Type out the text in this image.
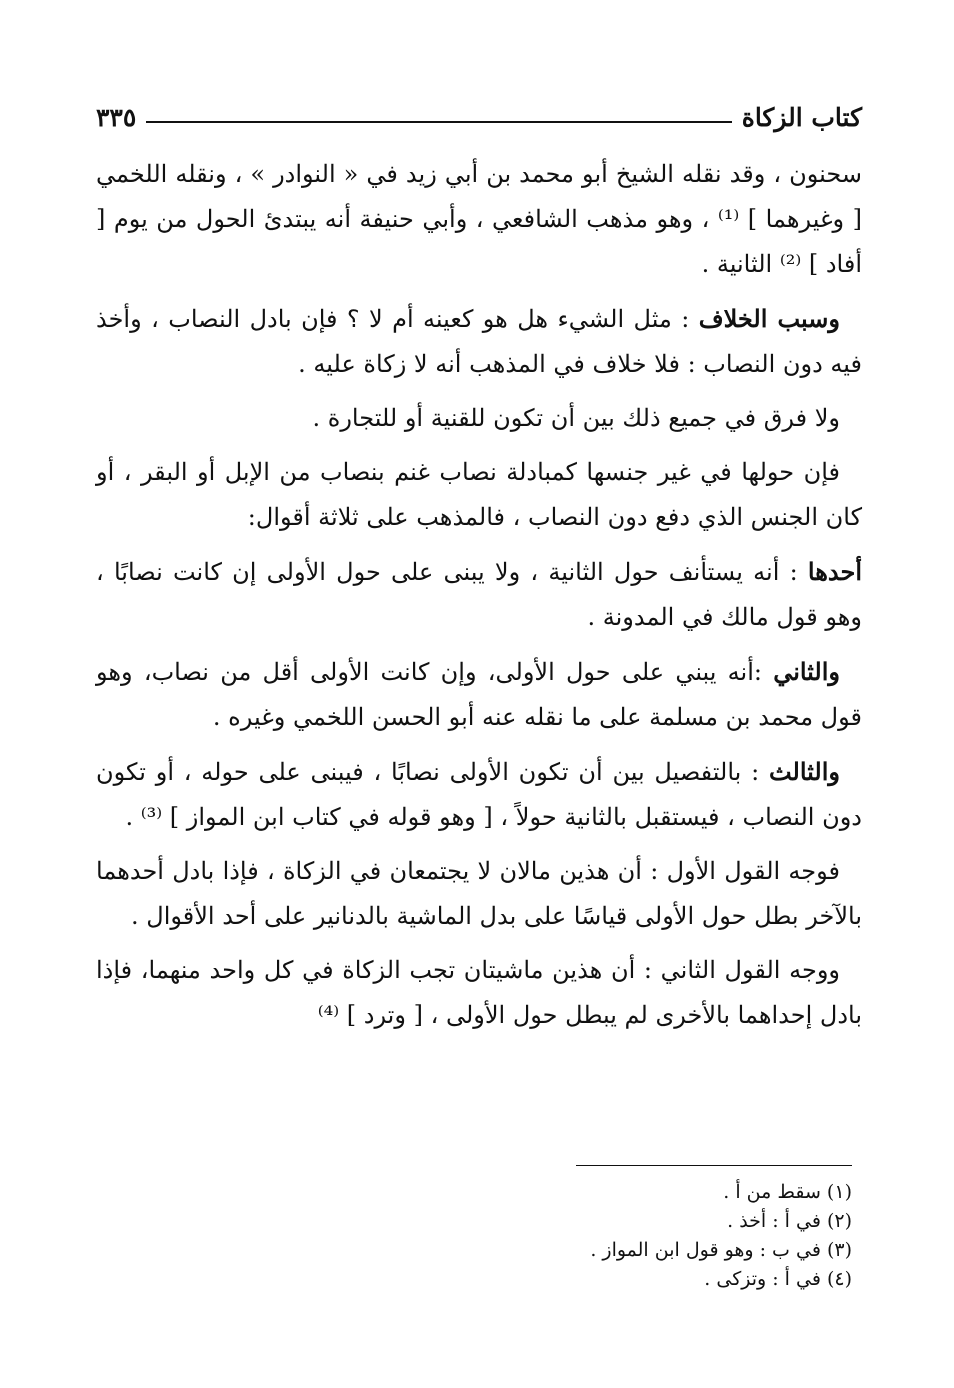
كتاب الزكاة
٣٣٥

سحنون ، وقد نقله الشيخ أبو محمد بن أبي زيد في « النوادر » ، ونقله اللخمي [ وغيرهما ] ⁽¹⁾ ، وهو مذهب الشافعي ، وأبي حنيفة أنه يبتدئ الحول من يوم [ أفاد ] ⁽²⁾ الثانية .

وسبب الخلاف : مثل الشيء هل هو كعينه أم لا ؟ فإن بادل النصاب ، وأخذ فيه دون النصاب : فلا خلاف في المذهب أنه لا زكاة عليه .

ولا فرق في جميع ذلك بين أن تكون للقنية أو للتجارة .

فإن حولها في غير جنسها كمبادلة نصاب غنم بنصاب من الإبل أو البقر ، أو كان الجنس الذي دفع دون النصاب ، فالمذهب على ثلاثة أقوال:

أحدها : أنه يستأنف حول الثانية ، ولا يبنى على حول الأولى إن كانت نصابًا ، وهو قول مالك في المدونة .

والثاني :أنه يبني على حول الأولى، وإن كانت الأولى أقل من نصاب، وهو قول محمد بن مسلمة على ما نقله عنه أبو الحسن اللخمي وغيره .

والثالث : بالتفصيل بين أن تكون الأولى نصابًا ، فيبنى على حوله ، أو تكون دون النصاب ، فيستقبل بالثانية حولاً ، [ وهو قوله في كتاب ابن المواز ] ⁽³⁾ .

فوجه القول الأول : أن هذين مالان لا يجتمعان في الزكاة ، فإذا بادل أحدهما بالآخر بطل حول الأولى قياسًا على بدل الماشية بالدنانير على أحد الأقوال .

ووجه القول الثاني : أن هذين ماشيتان تجب الزكاة في كل واحد منهما، فإذا بادل إحداهما بالأخرى لم يبطل حول الأولى ، [ وترد ] ⁽⁴⁾

(١) سقط من أ .

(٢) في أ : أخذ .

(٣) في ب : وهو قول ابن المواز .

(٤) في أ : وتزكى .
